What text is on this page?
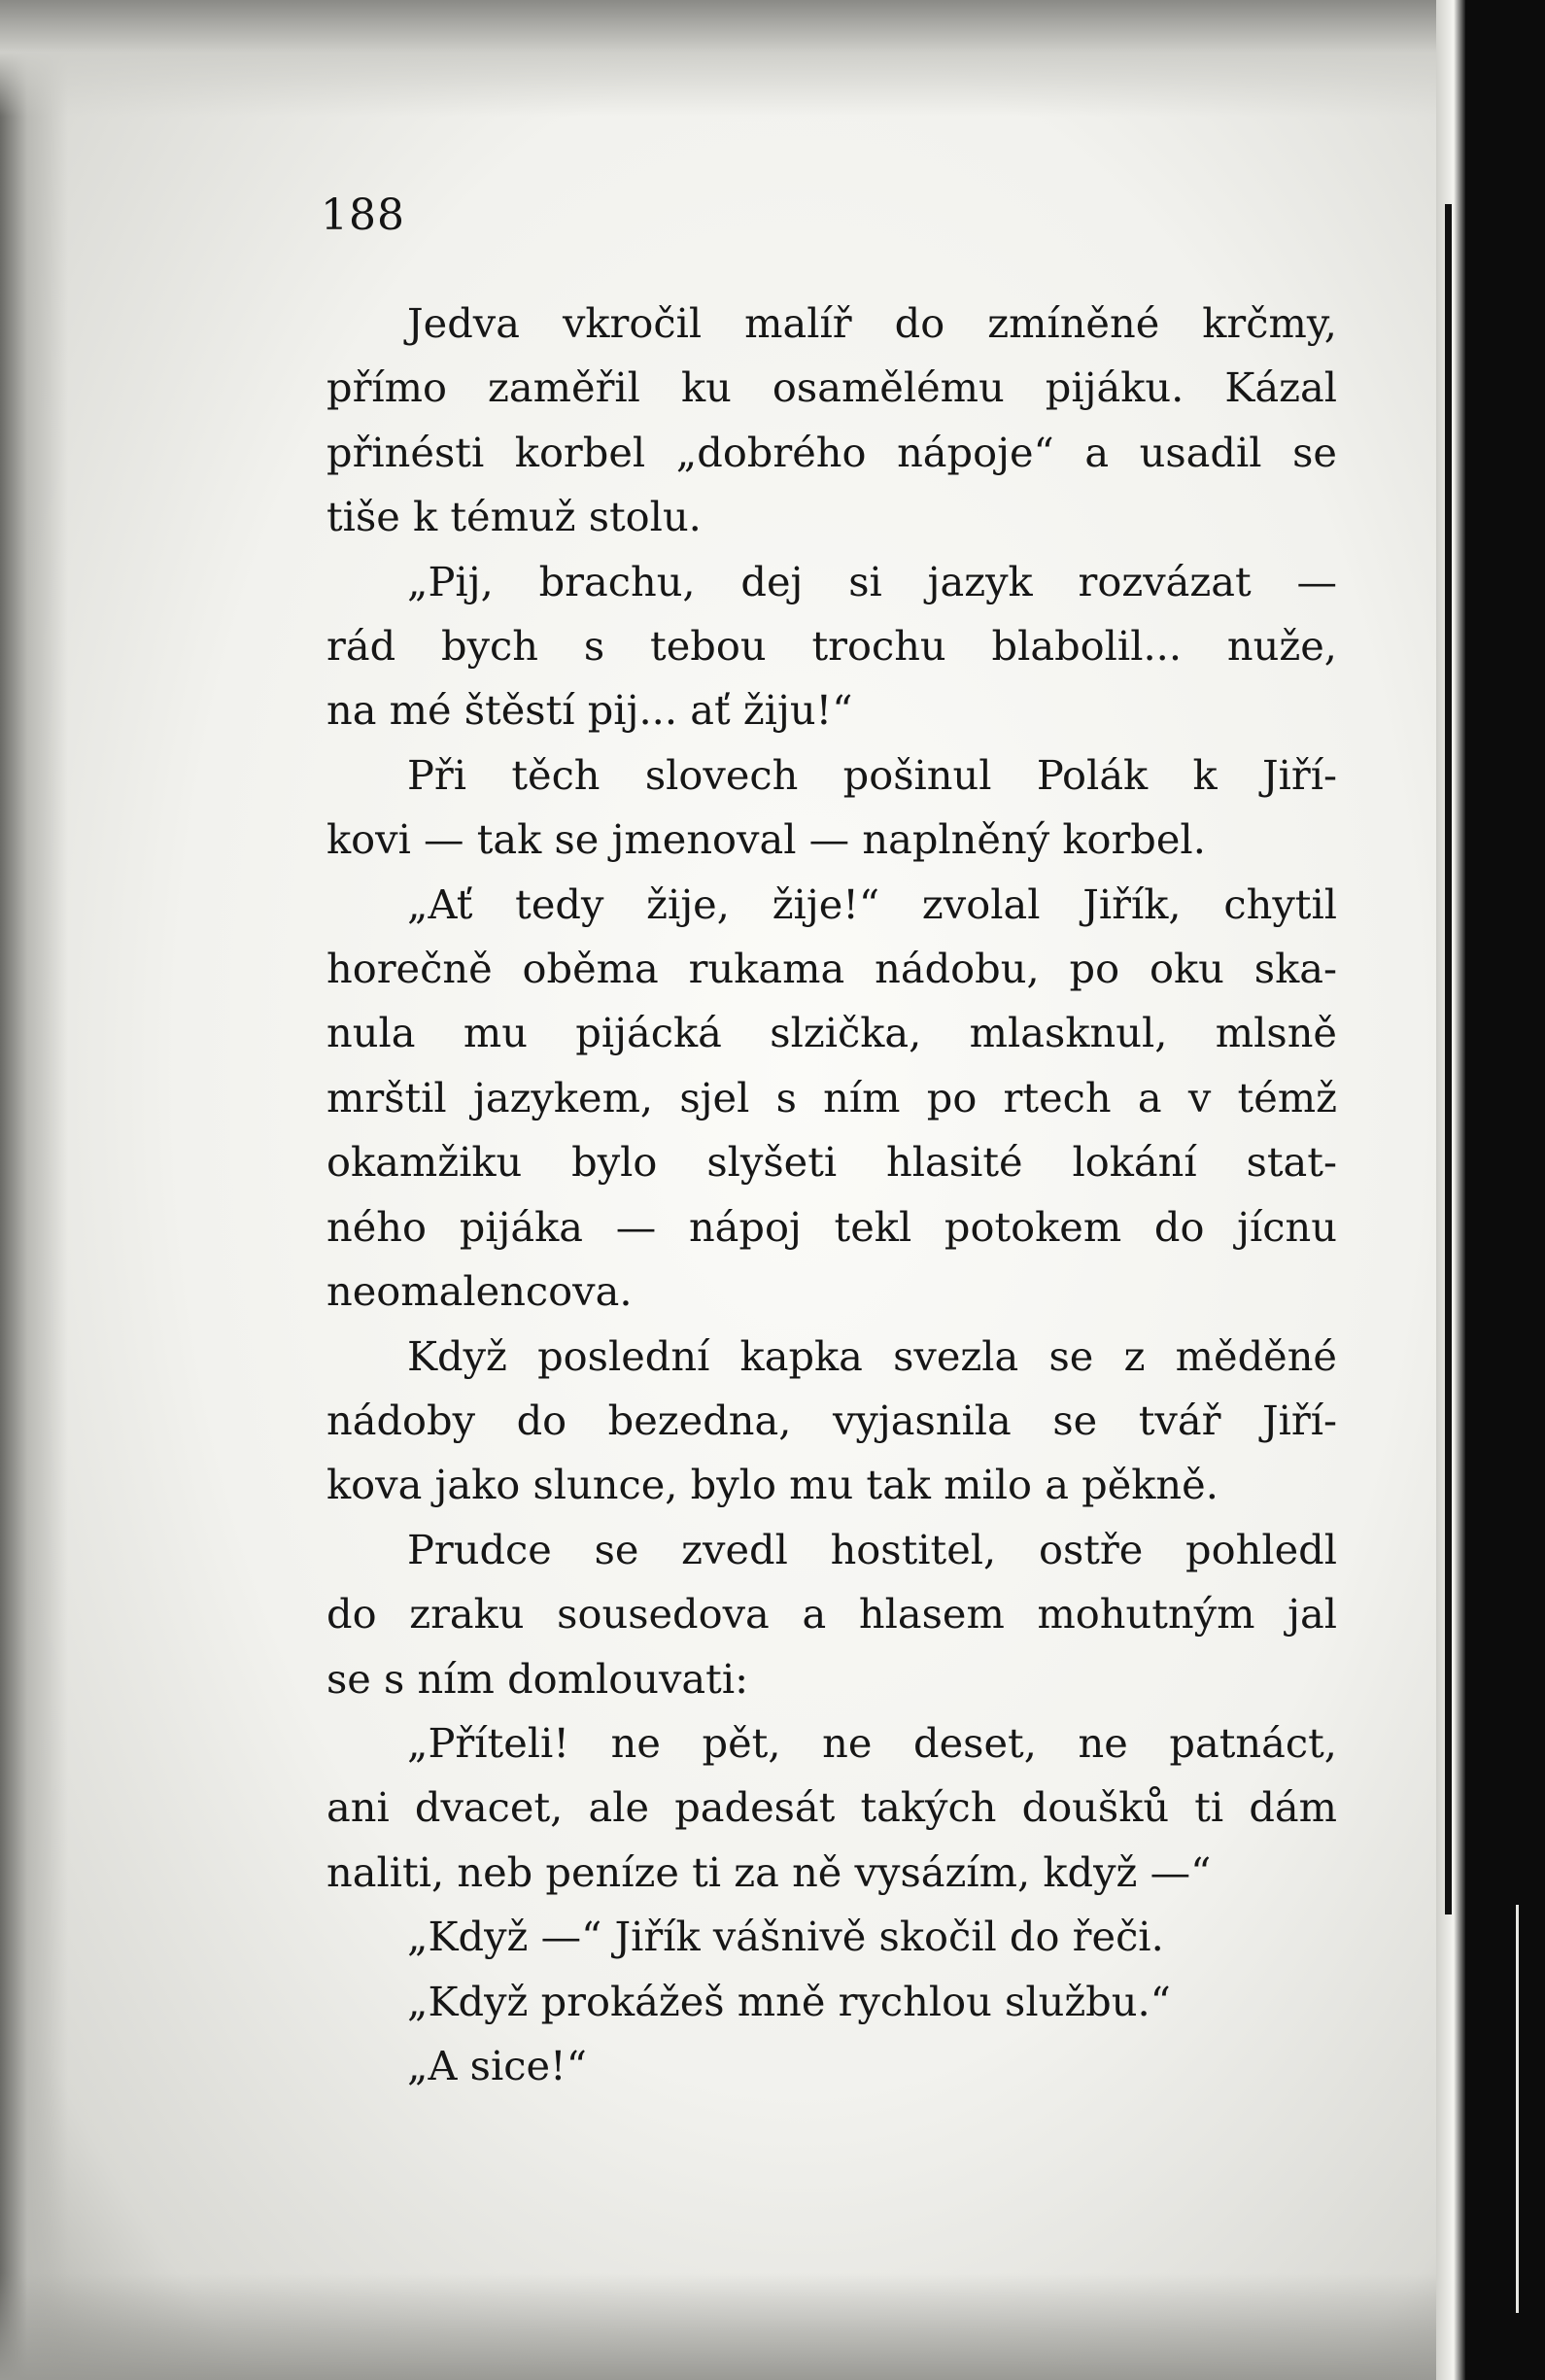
188
Jedva vkročil malíř do zmíněné krčmy,
přímo zaměřil ku osamělému pijáku. Kázal
přinésti korbel „dobrého nápoje“ a usadil se
tiše k témuž stolu.
„Pij, brachu, dej si jazyk rozvázat —
rád bych s tebou trochu blabolil... nuže,
na mé štěstí pij... ať žiju!“
Při těch slovech pošinul Polák k Jiří-
kovi — tak se jmenoval — naplněný korbel.
„Ať tedy žije, žije!“ zvolal Jiřík, chytil
horečně oběma rukama nádobu, po oku ska-
nula mu pijácká slzička, mlasknul, mlsně
mrštil jazykem, sjel s ním po rtech a v témž
okamžiku bylo slyšeti hlasité lokání stat-
ného pijáka — nápoj tekl potokem do jícnu
neomalencova.
Když poslední kapka svezla se z měděné
nádoby do bezedna, vyjasnila se tvář Jiří-
kova jako slunce, bylo mu tak milo a pěkně.
Prudce se zvedl hostitel, ostře pohledl
do zraku sousedova a hlasem mohutným jal
se s ním domlouvati:
„Příteli! ne pět, ne deset, ne patnáct,
ani dvacet, ale padesát takých doušků ti dám
naliti, neb peníze ti za ně vysázím, když —“
„Když —“ Jiřík vášnivě skočil do řeči.
„Když prokážeš mně rychlou službu.“
„A sice!“
